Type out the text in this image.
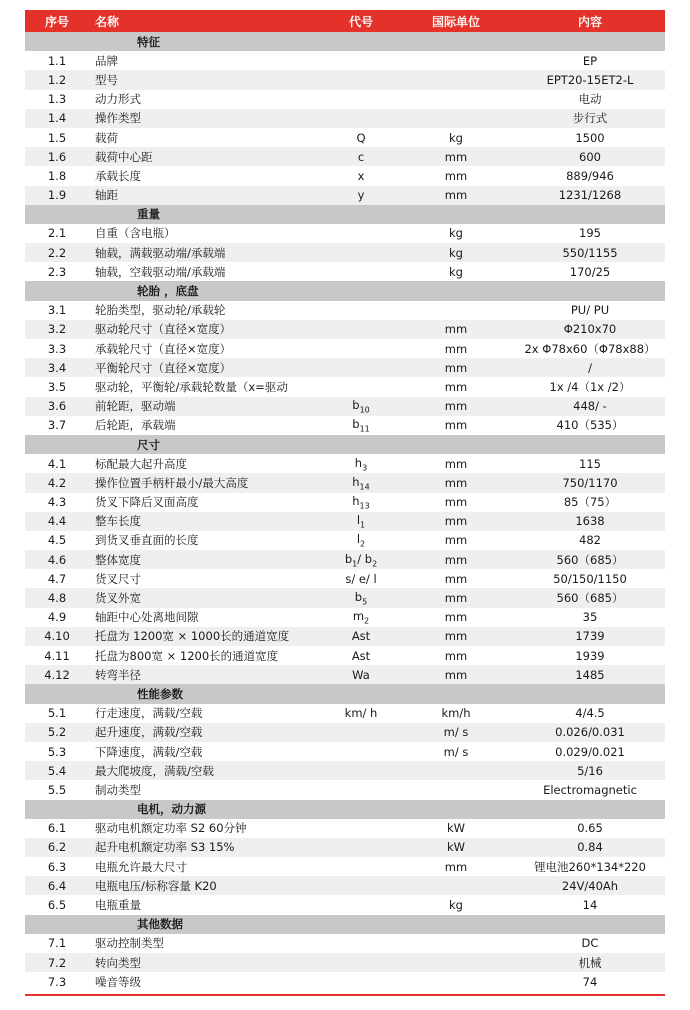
序号	名称	代号	国际单位	内容
特征				
1.1	品牌			EP
1.2	型号			EPT20-15ET2-L
1.3	动力形式			电动
1.4	操作类型			步行式
1.5	载荷	Q	kg	1500
1.6	载荷中心距	c	mm	600
1.8	承载长度	x	mm	889/946
1.9	轴距	y	mm	1231/1268
重量				
2.1	自重（含电瓶）		kg	195
2.2	轴载，满载驱动端/承载端		kg	550/1155
2.3	轴载，空载驱动端/承载端		kg	170/25
轮胎 ，底盘				
3.1	轮胎类型，驱动轮/承载轮			PU/ PU
3.2	驱动轮尺寸（直径×宽度）		mm	Φ210x70
3.3	承载轮尺寸（直径×宽度）		mm	2x Φ78x60（Φ78x88）
3.4	平衡轮尺寸（直径×宽度）		mm	/
3.5	驱动轮，平衡轮/承载轮数量（x=驱动		mm	1x /4（1x /2）
3.6	前轮距，驱动端	$b_{10}$	mm	448/ -
3.7	后轮距，承载端	$b_{11}$	mm	410（535）
尺寸				
4.1	标配最大起升高度	$h_3$	mm	115
4.2	操作位置手柄杆最小/最大高度	$h_{14}$	mm	750/1170
4.3	货叉下降后叉面高度	$h_{13}$	mm	85（75）
4.4	整车长度	$l_1$	mm	1638
4.5	到货叉垂直面的长度	$l_2$	mm	482
4.6	整体宽度	$b_1/$ $b_2$	mm	560（685）
4.7	货叉尺寸	s/ e/ l	mm	50/150/1150
4.8	货叉外宽	$b_5$	mm	560（685）
4.9	轴距中心处离地间隙	$m_2$	mm	35
4.10	托盘为 1200宽 × 1000长的通道宽度	Ast	mm	1739
4.11	托盘为800宽 × 1200长的通道宽度	Ast	mm	1939
4.12	转弯半径	Wa	mm	1485
性能参数				
5.1	行走速度，满载/空载	km/ h	km/h	4/4.5
5.2	起升速度，满载/空载		m/ s	0.026/0.031
5.3	下降速度，满载/空载		m/ s	0.029/0.021
5.4	最大爬坡度，满载/空载			5/16
5.5	制动类型			Electromagnetic
电机，动力源				
6.1	驱动电机额定功率 S2 60分钟		kW	0.65
6.2	起升电机额定功率 S3 15%		kW	0.84
6.3	电瓶允许最大尺寸		mm	锂电池260*134*220
6.4	电瓶电压/标称容量 K20			24V/40Ah
6.5	电瓶重量		kg	14
其他数据				
7.1	驱动控制类型			DC
7.2	转向类型			机械
7.3	噪音等级			74
